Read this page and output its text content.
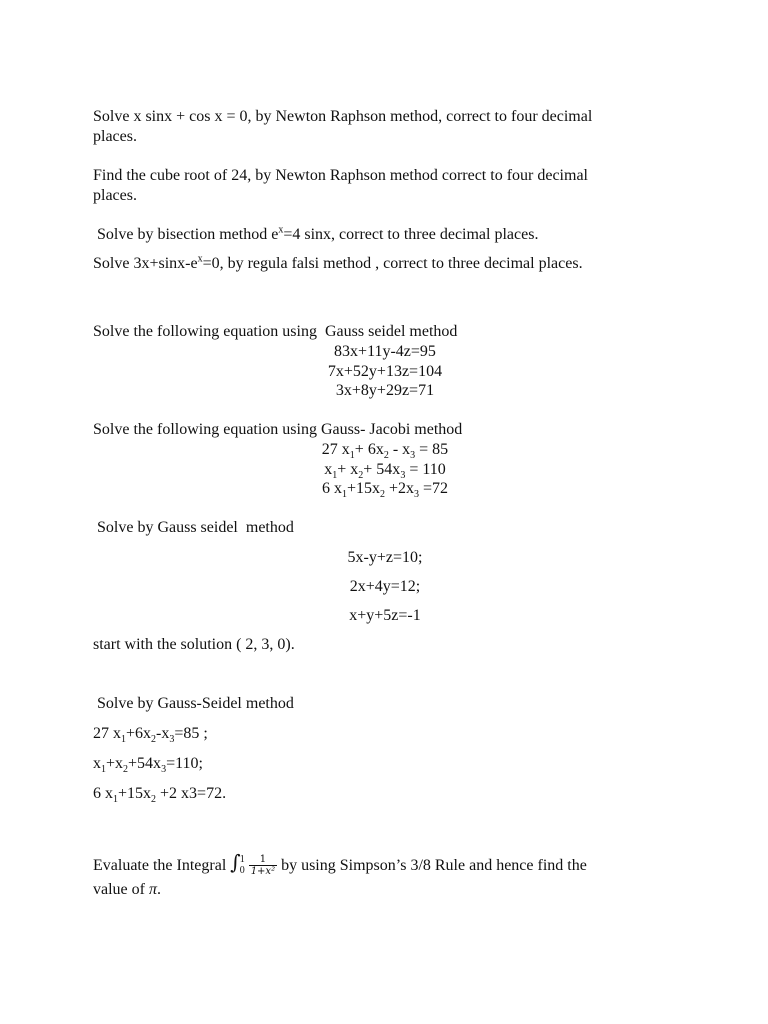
Solve x sinx + cos x = 0, by Newton Raphson method, correct to four decimal

places.

Find the cube root of 24, by Newton Raphson method correct to four decimal

places.

Solve by bisection method $e^x=4$ sinx, correct to three decimal places.

Solve $3x+\sin x-e^x=0$, by regula falsi method , correct to three decimal places.

Solve the following equation using  Gauss seidel method

83x+11y-4z=95

7x+52y+13z=104

3x+8y+29z=71

Solve the following equation using Gauss- Jacobi method

27 $x_1+ 6x_2 - x_3 = 85$

$x_1+ x_2+ 54x_3 = 110$

6 $x_1+15x_2 +2x_3 =72$

Solve by Gauss seidel  method

5x-y+z=10;

2x+4y=12;

x+y+5z=-1

start with the solution ( 2, 3, 0).

Solve by Gauss-Seidel method

27 $x_1+6x_2-x_3=85$ ;

$x_1+x_2+54x_3=110$;

6 $x_1+15x_2 +2$ x3=72.

Evaluate the Integral ∫ 1
$0 \frac{1}{\text{1+x²}}$ by using Simpson’s 3/8 Rule and hence find the

value of π.
